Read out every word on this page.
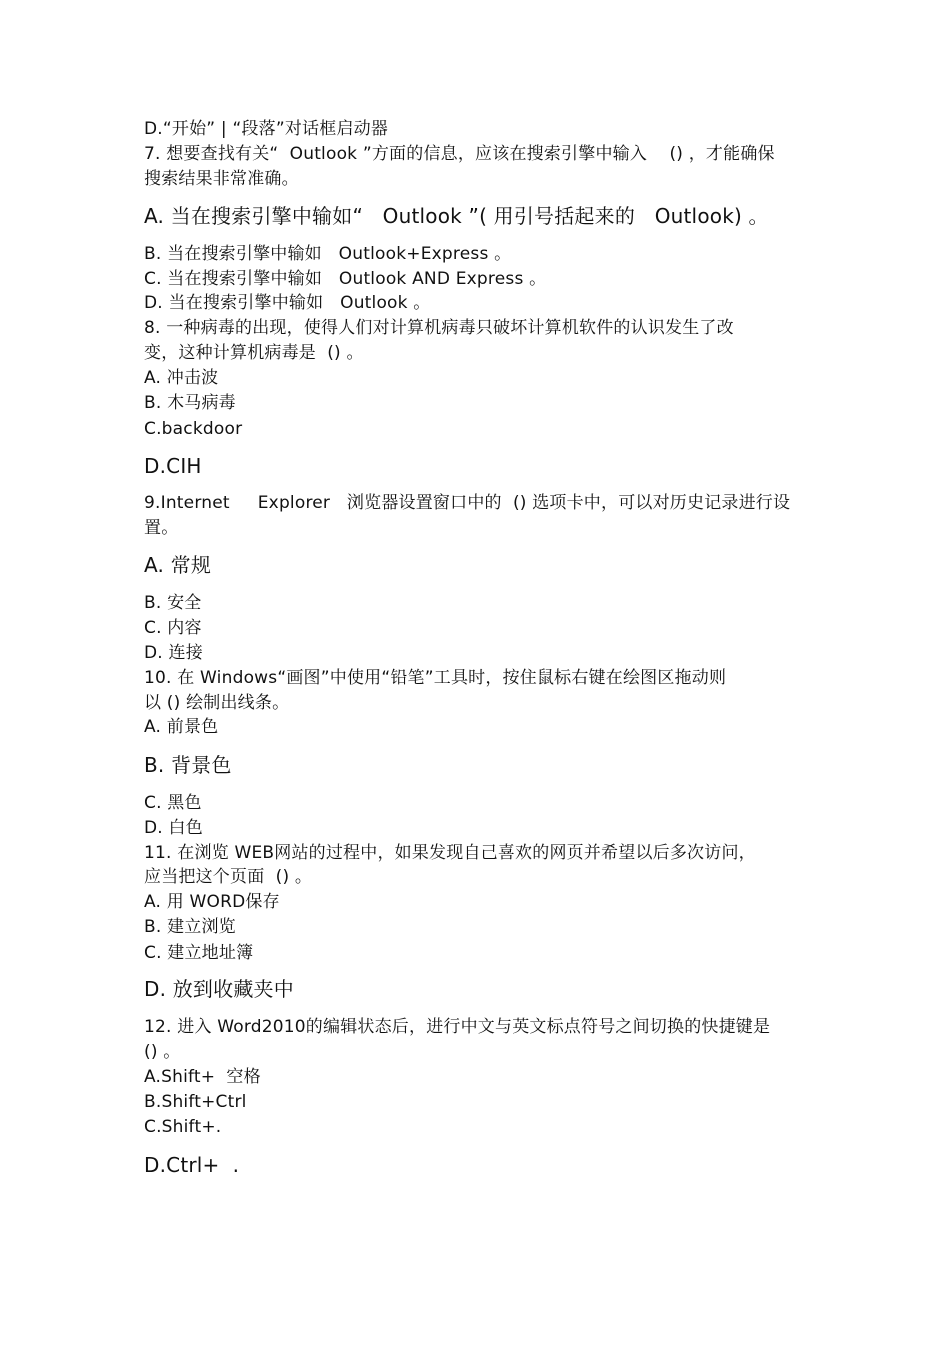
D.“开始” | “段落”对话框启动器
7. 想要查找有关“  Outlook ”方面的信息，应该在搜索引擎中输入    () ，才能确保
搜索结果非常准确。
A. 当在搜索引擎中输如“   Outlook ”( 用引号括起来的   Outlook) 。
B. 当在搜索引擎中输如   Outlook+Express 。
C. 当在搜索引擎中输如   Outlook AND Express 。
D. 当在搜索引擎中输如   Outlook 。
8. 一种病毒的出现，使得人们对计算机病毒只破坏计算机软件的认识发生了改
变，这种计算机病毒是  () 。
A. 冲击波
B. 木马病毒
C.backdoor
D.CIH
9.Internet     Explorer   浏览器设置窗口中的  () 选项卡中，可以对历史记录进行设
置。
A. 常规
B. 安全
C. 内容
D. 连接
10. 在 Windows“画图”中使用“铅笔”工具时，按住鼠标右键在绘图区拖动则
以 () 绘制出线条。
A. 前景色
B. 背景色
C. 黑色
D. 白色
11. 在浏览 WEB网站的过程中，如果发现自己喜欢的网页并希望以后多次访问，
应当把这个页面  () 。
A. 用 WORD保存
B. 建立浏览
C. 建立地址簿
D. 放到收藏夹中
12. 进入 Word2010的编辑状态后，进行中文与英文标点符号之间切换的快捷键是
() 。
A.Shift+  空格
B.Shift+Ctrl
C.Shift+.
D.Ctrl+  .
